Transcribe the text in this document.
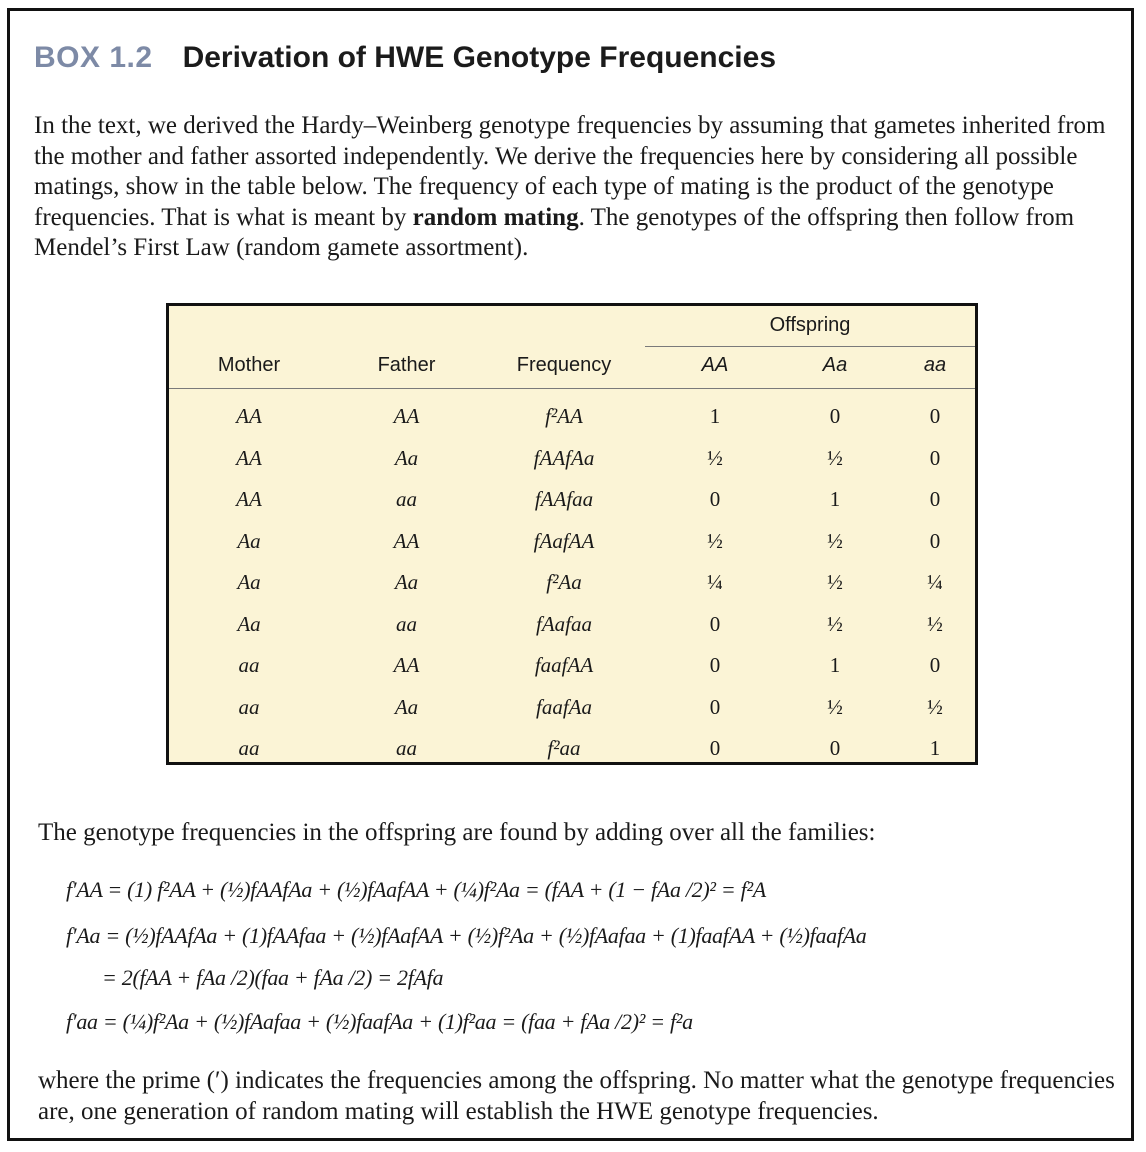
BOX 1.2 Derivation of HWE Genotype Frequencies
In the text, we derived the Hardy–Weinberg genotype frequencies by assuming that gametes inherited from the mother and father assorted independently. We derive the frequencies here by considering all possible matings, show in the table below. The frequency of each type of mating is the product of the genotype frequencies. That is what is meant by random mating. The genotypes of the offspring then follow from Mendel’s First Law (random gamete assortment).
Offspring
Mother	Father	Frequency	AA	Aa	aa
AA	AA	f²AA	1	0	0
AA	Aa	fAAfAa	½	½	0
AA	aa	fAAfaa	0	1	0
Aa	AA	fAafAA	½	½	0
Aa	Aa	f²Aa	¼	½	¼
Aa	aa	fAafaa	0	½	½
aa	AA	faafAA	0	1	0
aa	Aa	faafAa	0	½	½
aa	aa	f²aa	0	0	1
The genotype frequencies in the offspring are found by adding over all the families:
f′AA = (1) f²AA + (½)fAAfAa + (½)fAafAA + (¼)f²Aa = (fAA + (1 − fAa /2)² = f²A
f′Aa = (½)fAAfAa + (1)fAAfaa + (½)fAafAA + (½)f²Aa + (½)fAafaa + (1)faafAA + (½)faafAa
= 2(fAA + fAa /2)(faa + fAa /2) = 2fAfa
f′aa = (¼)f²Aa + (½)fAafaa + (½)faafAa + (1)f²aa = (faa + fAa /2)² = f²a
where the prime (′) indicates the frequencies among the offspring. No matter what the genotype frequencies are, one generation of random mating will establish the HWE genotype frequencies.
